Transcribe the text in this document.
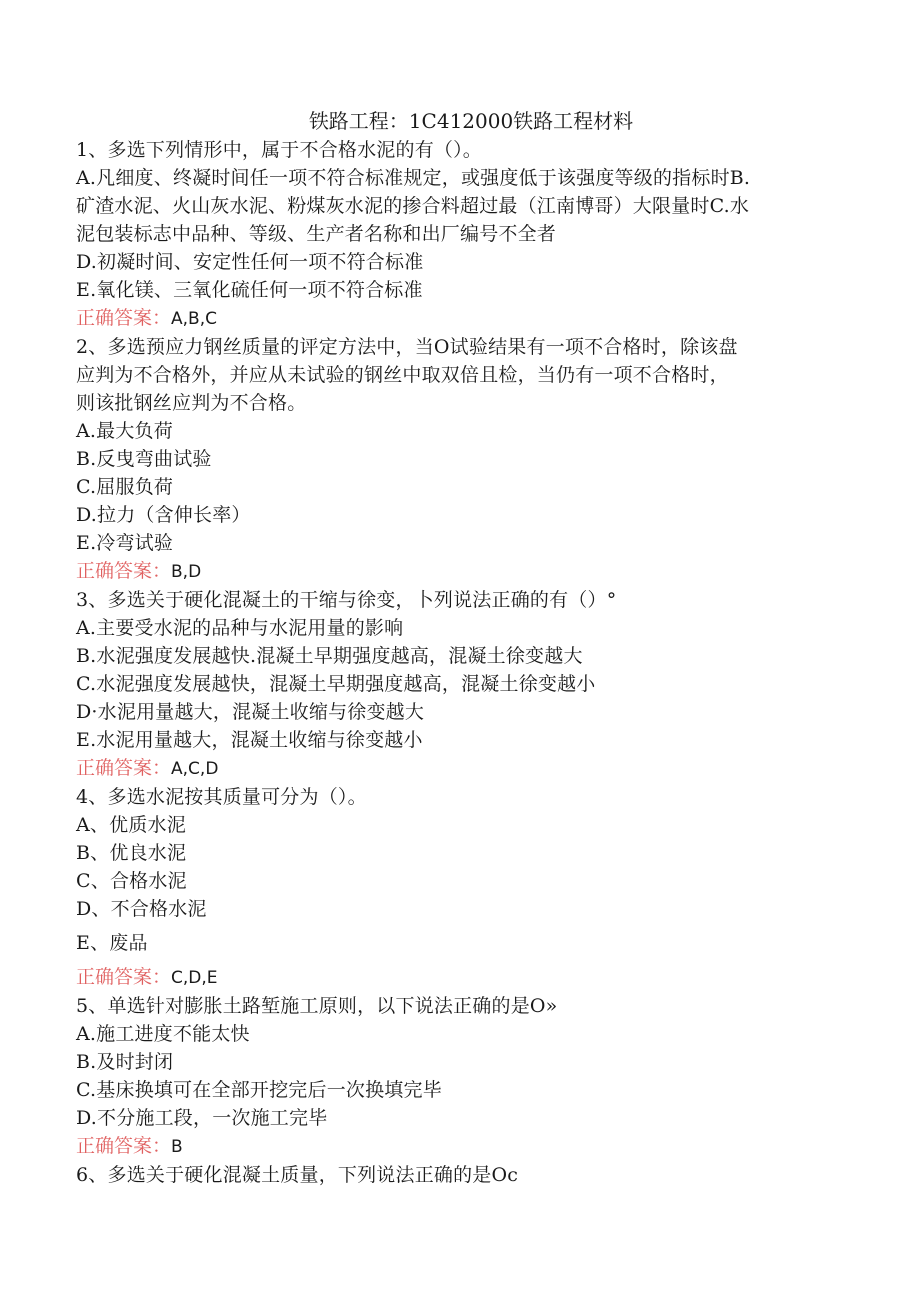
铁路工程：1C412000铁路工程材料

1、多选下列情形中，属于不合格水泥的有（）。

A.凡细度、终凝时间任一项不符合标准规定，或强度低于该强度等级的指标时B.

矿渣水泥、火山灰水泥、粉煤灰水泥的掺合料超过最（江南博哥）大限量时C.水

泥包装标志中品种、等级、生产者名称和出厂编号不全者

D.初凝时间、安定性任何一项不符合标准

E.氧化镁、三氧化硫任何一项不符合标准

正确答案：A,B,C

2、多选预应力钢丝质量的评定方法中，当O试验结果有一项不合格时，除该盘

应判为不合格外，并应从未试验的钢丝中取双倍且检，当仍有一项不合格时，

则该批钢丝应判为不合格。

A.最大负荷

B.反曳弯曲试验

C.屈服负荷

D.拉力（含伸长率）

E.冷弯试验

正确答案：B,D

3、多选关于硬化混凝土的干缩与徐变，卜列说法正确的有（）°

A.主要受水泥的品种与水泥用量的影响

B.水泥强度发展越快.混凝土早期强度越高，混凝土徐变越大

C.水泥强度发展越快，混凝土早期强度越高，混凝土徐变越小

D·水泥用量越大，混凝土收缩与徐变越大

E.水泥用量越大，混凝土收缩与徐变越小

正确答案：A,C,D

4、多选水泥按其质量可分为（）。

A、优质水泥

B、优良水泥

C、合格水泥

D、不合格水泥

E、废品

正确答案：C,D,E

5、单选针对膨胀土路堑施工原则，以下说法正确的是O»

A.施工进度不能太快

B.及时封闭

C.基床换填可在全部开挖完后一次换填完毕

D.不分施工段，一次施工完毕

正确答案：B

6、多选关于硬化混凝土质量，下列说法正确的是Oc
